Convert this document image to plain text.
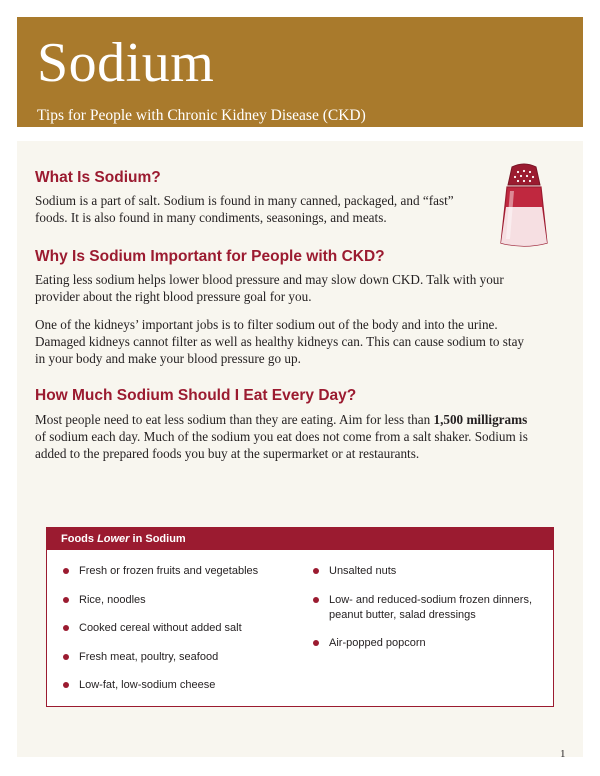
Sodium
Tips for People with Chronic Kidney Disease (CKD)
What Is Sodium?

Sodium is a part of salt. Sodium is found in many canned, packaged, and “fast” foods. It is also found in many condiments, seasonings, and meats.

Why Is Sodium Important for People with CKD?

Eating less sodium helps lower blood pressure and may slow down CKD. Talk with your provider about the right blood pressure goal for you.

One of the kidneys’ important jobs is to filter sodium out of the body and into the urine. Damaged kidneys cannot filter as well as healthy kidneys can. This can cause sodium to stay in your body and make your blood pressure go up.

How Much Sodium Should I Eat Every Day?

Most people need to eat less sodium than they are eating. Aim for less than 1,500 milligrams of sodium each day. Much of the sodium you eat does not come from a salt shaker. Sodium is added to the prepared foods you buy at the supermarket or at restaurants.

Foods Lower in Sodium
Fresh or frozen fruits and vegetables
Rice, noodles
Cooked cereal without added salt
Fresh meat, poultry, seafood
Low-fat, low-sodium cheese
Unsalted nuts
Low- and reduced-sodium frozen dinners, peanut butter, salad dressings
Air-popped popcorn
1
